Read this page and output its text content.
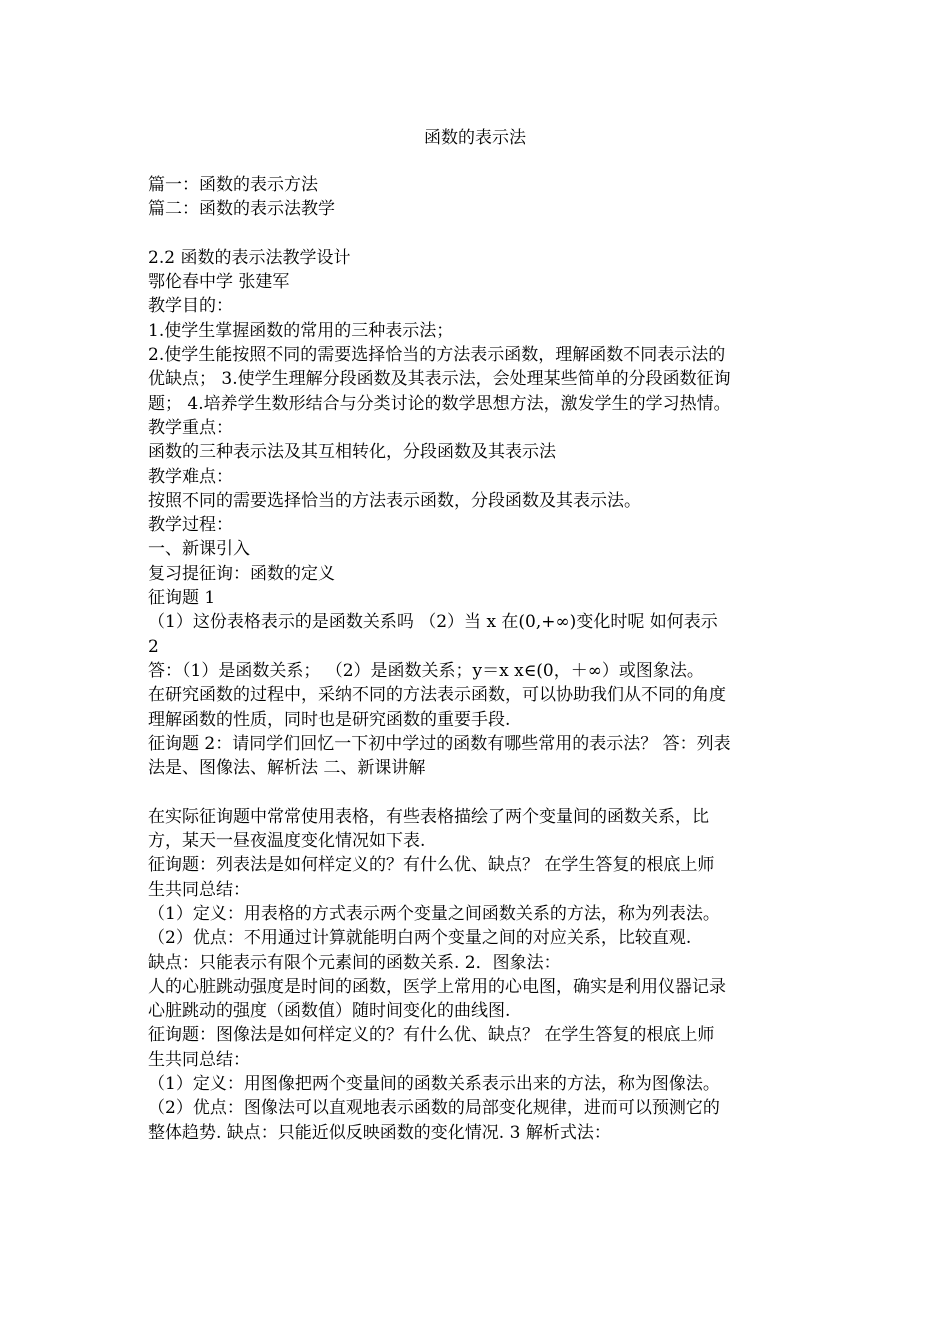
函数的表示法

篇一：函数的表示方法

篇二：函数的表示法教学

2.2 函数的表示法教学设计

鄂伦春中学 张建军

教学目的：

1.使学生掌握函数的常用的三种表示法；

2.使学生能按照不同的需要选择恰当的方法表示函数，理解函数不同表示法的

优缺点； 3.使学生理解分段函数及其表示法，会处理某些简单的分段函数征询

题； 4.培养学生数形结合与分类讨论的数学思想方法，激发学生的学习热情。

教学重点：

函数的三种表示法及其互相转化，分段函数及其表示法

教学难点：

按照不同的需要选择恰当的方法表示函数，分段函数及其表示法。

教学过程：

一、新课引入

复习提征询：函数的定义

征询题 1

（1）这份表格表示的是函数关系吗 （2）当 x 在(0,+∞)变化时呢 如何表示

2

答：（1）是函数关系； （2）是函数关系；y＝x x∈(0，＋∞）或图象法。

在研究函数的过程中，采纳不同的方法表示函数，可以协助我们从不同的角度

理解函数的性质，同时也是研究函数的重要手段.

征询题 2：请同学们回忆一下初中学过的函数有哪些常用的表示法？ 答：列表

法是、图像法、解析法 二、新课讲解

在实际征询题中常常使用表格，有些表格描绘了两个变量间的函数关系，比

方，某天一昼夜温度变化情况如下表.

征询题：列表法是如何样定义的？有什么优、缺点？ 在学生答复的根底上师

生共同总结：

（1）定义：用表格的方式表示两个变量之间函数关系的方法，称为列表法。

（2）优点：不用通过计算就能明白两个变量之间的对应关系，比较直观.

缺点：只能表示有限个元素间的函数关系. 2．图象法：

人的心脏跳动强度是时间的函数，医学上常用的心电图，确实是利用仪器记录

心脏跳动的强度（函数值）随时间变化的曲线图.

征询题：图像法是如何样定义的？有什么优、缺点？ 在学生答复的根底上师

生共同总结：

（1）定义：用图像把两个变量间的函数关系表示出来的方法，称为图像法。

（2）优点：图像法可以直观地表示函数的局部变化规律，进而可以预测它的

整体趋势. 缺点：只能近似反映函数的变化情况. 3 解析式法：
